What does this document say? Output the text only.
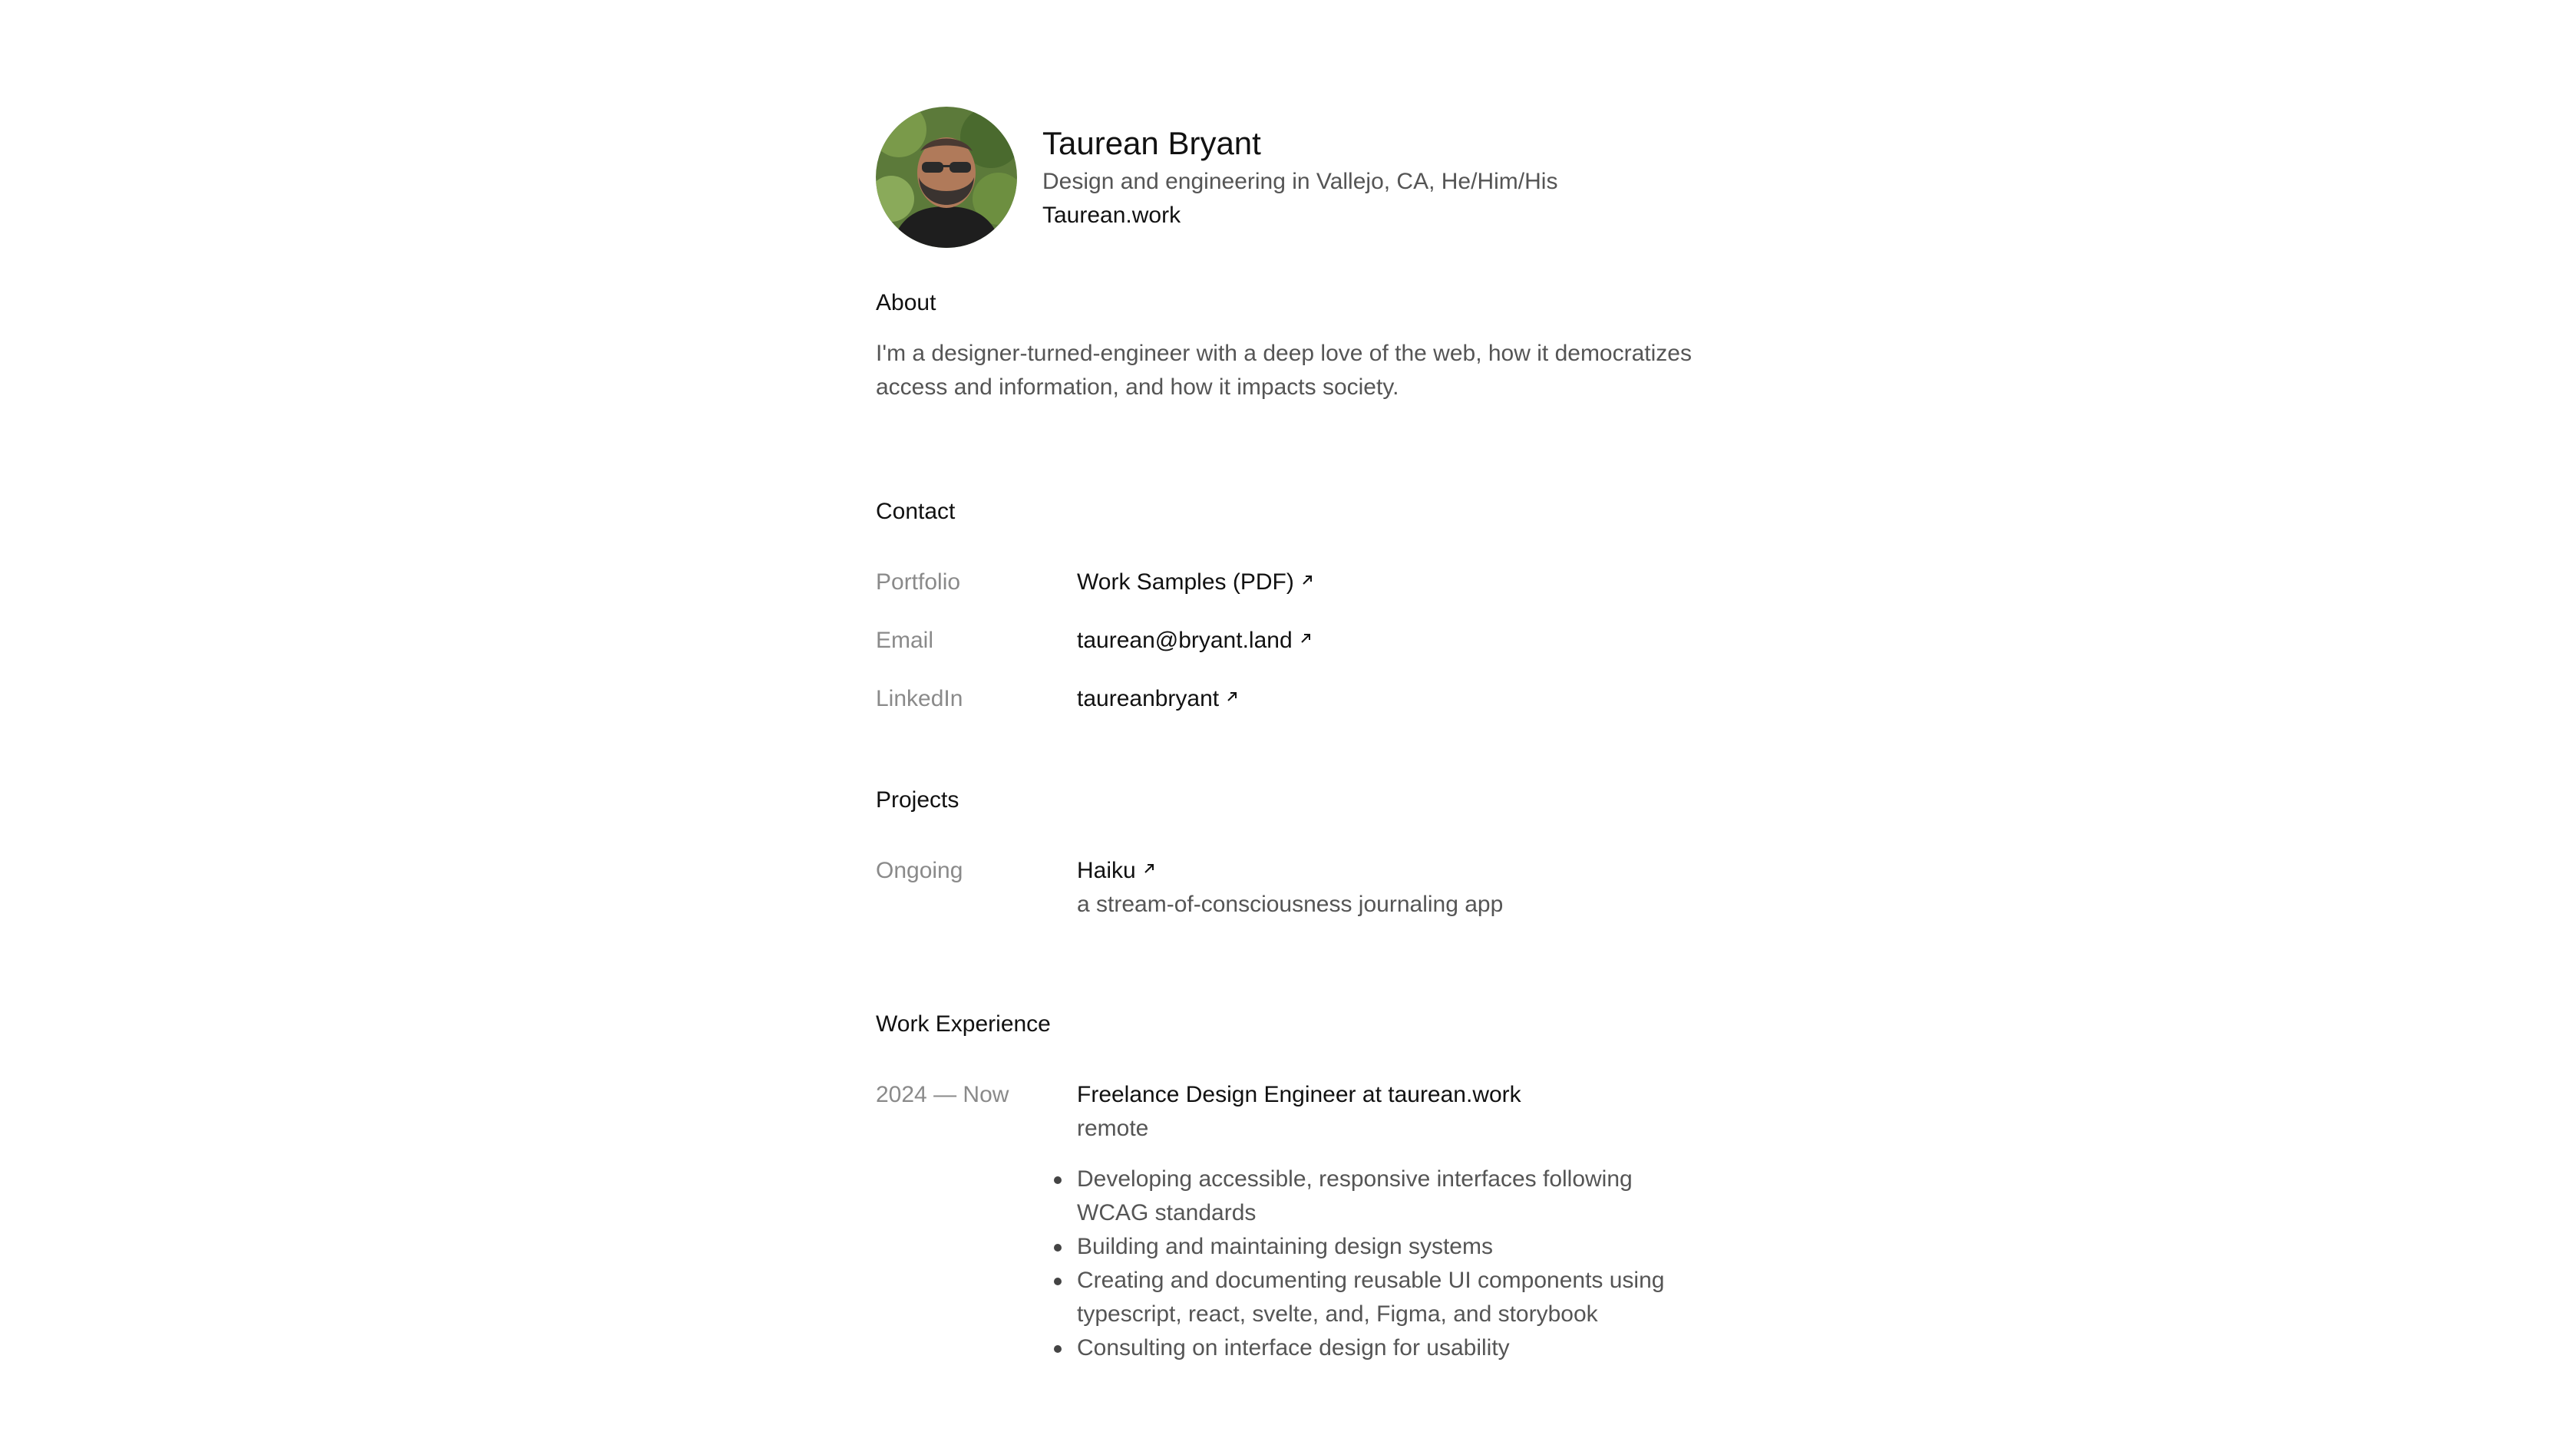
Taurean Bryant
Design and engineering in Vallejo, CA, He/Him/His
Taurean.work
About

I'm a designer-turned-engineer with a deep love of the web, how it democratizes access and information, and how it impacts society.

Contact
Portfolio	Work Samples (PDF)
Email	taurean@bryant.land
LinkedIn	taureanbryant
Projects
Ongoing	Haiku
a stream-of-consciousness journaling app
Work Experience
2024 — Now	Freelance Design Engineer at taurean.work
remote
Developing accessible, responsive interfaces following WCAG standards
Building and maintaining design systems
Creating and documenting reusable UI components using typescript, react, svelte, and, Figma, and storybook
Consulting on interface design for usability
